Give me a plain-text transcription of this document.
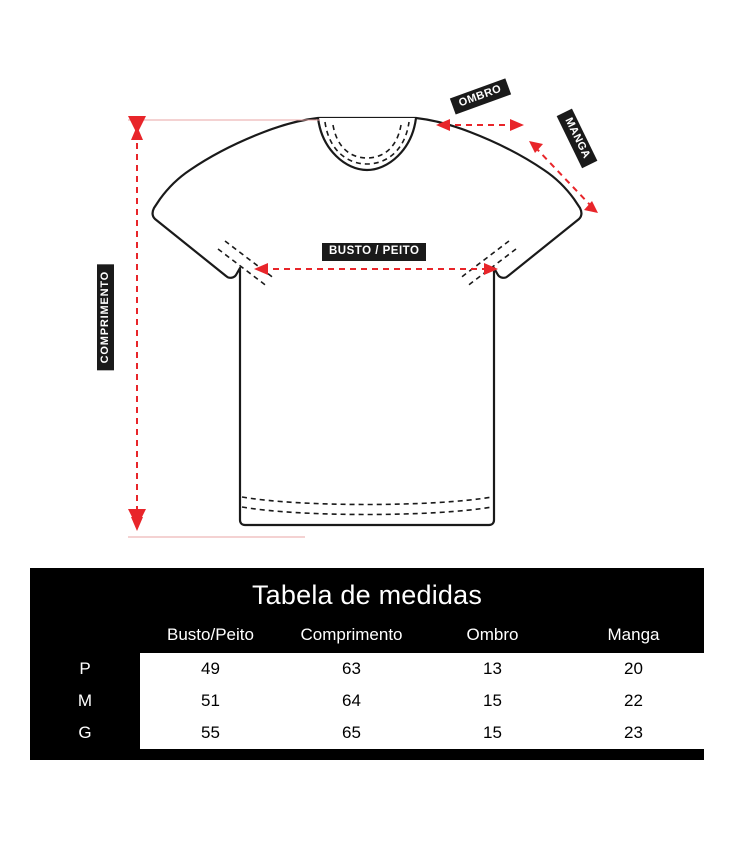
BUSTO / PEITO
OMBRO
MANGA
COMPRIMENTO
Tabela de medidas
	Busto/Peito	Comprimento	Ombro	Manga
P	49	63	13	20
M	51	64	15	22
G	55	65	15	23
